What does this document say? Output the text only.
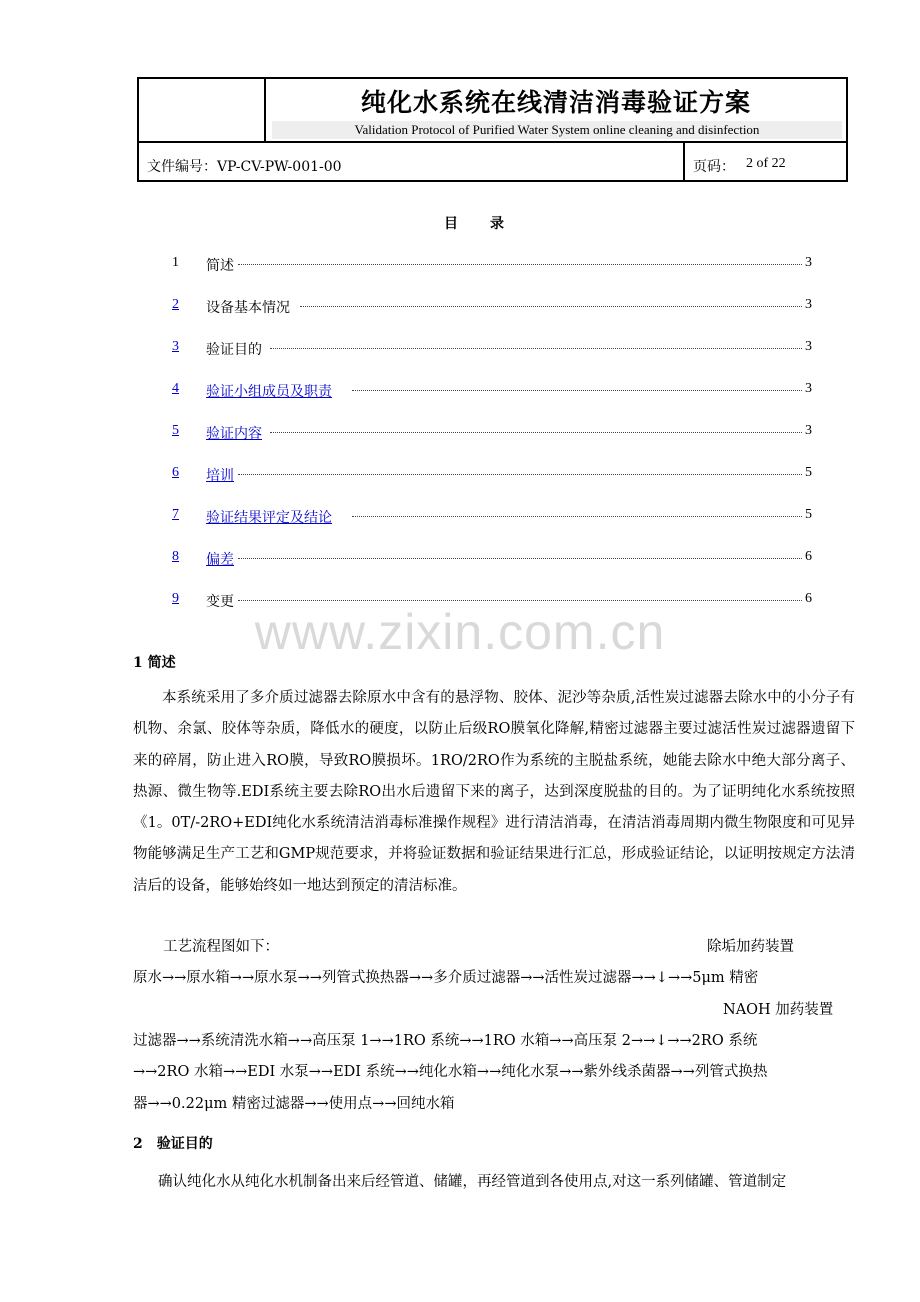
纯化水系统在线清洁消毒验证方案
Validation Protocol of Purified Water System online cleaning and disinfection
文件编号：VP-CV-PW-001-00	页码： 2 of 22
目录
1 简述	3
2 设备基本情况	3
3 验证目的	3
4 验证小组成员及职责	3
5 验证内容	3
6 培训	5
7 验证结果评定及结论	5
8 偏差	6
9 变更	6
www.zixin.com.cn
1 简述
本系统采用了多介质过滤器去除原水中含有的悬浮物、胶体、泥沙等杂质,活性炭过滤器去除水中的小分子有机物、余氯、胶体等杂质，降低水的硬度，以防止后级RO膜氧化降解,精密过滤器主要过滤活性炭过滤器遗留下来的碎屑，防止进入RO膜，导致RO膜损坏。1RO/2RO作为系统的主脱盐系统，她能去除水中绝大部分离子、热源、微生物等.EDI系统主要去除RO出水后遗留下来的离子，达到深度脱盐的目的。为了证明纯化水系统按照《1。0T/-2RO+EDI纯化水系统清洁消毒标准操作规程》进行清洁消毒，在清洁消毒周期内微生物限度和可见异物能够满足生产工艺和GMP规范要求，并将验证数据和验证结果进行汇总，形成验证结论，以证明按规定方法清洁后的设备，能够始终如一地达到预定的清洁标准。
工艺流程图如下：	除垢加药装置
原水→→原水箱→→原水泵→→列管式换热器→→多介质过滤器→→活性炭过滤器→→↓→→5μm 精密
NAOH 加药装置
过滤器→→系统清洗水箱→→高压泵 1→→1RO 系统→→1RO 水箱→→高压泵 2→→↓→→2RO 系统
→→2RO 水箱→→EDI 水泵→→EDI 系统→→纯化水箱→→纯化水泵→→紫外线杀菌器→→列管式换热
器→→0.22μm 精密过滤器→→使用点→→回纯水箱
2　验证目的
确认纯化水从纯化水机制备出来后经管道、储罐，再经管道到各使用点,对这一系列储罐、管道制定
